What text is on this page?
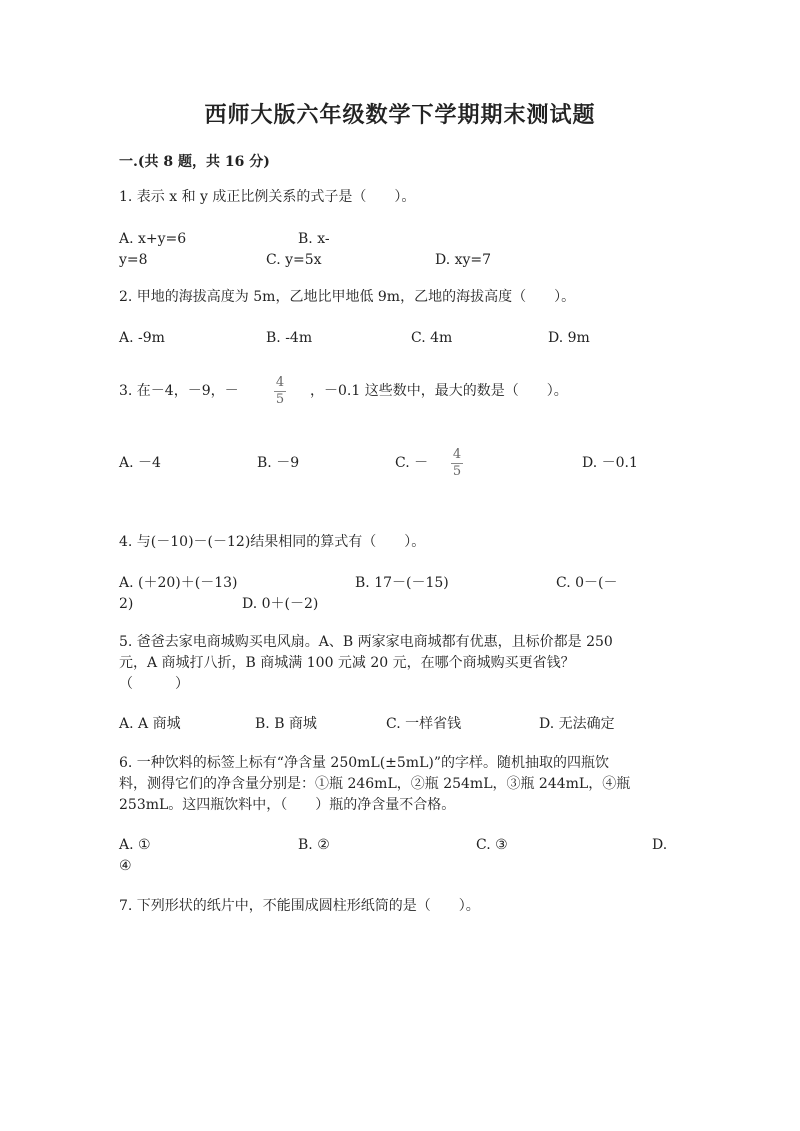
西师大版六年级数学下学期期末测试题
一.(共 8 题，共 16 分)
1. 表示 x 和 y 成正比例关系的式子是（　　）。
A. x+y=6	B. x-
y=8	C. y=5x	D. xy=7
2. 甲地的海拔高度为 5m，乙地比甲地低 9m，乙地的海拔高度（　　）。
A. -9m	B. -4m	C. 4m	D. 9m
3. 在－4，－9，－
4
5
，－0.1 这些数中，最大的数是（　　）。
A. －4	B. －9	C. －
4
5
D. －0.1
4. 与(－10)－(－12)结果相同的算式有（　　）。
A. (＋20)＋(－13)	B. 17－(－15)	C. 0－(－
2)	D. 0＋(－2)
5. 爸爸去家电商城购买电风扇。A、B 两家家电商城都有优惠，且标价都是 250
元，A 商城打八折，B 商城满 100 元减 20 元，在哪个商城购买更省钱？
（　　　）
A. A 商城	B. B 商城	C. 一样省钱	D. 无法确定
6. 一种饮料的标签上标有“净含量 250mL(±5mL)”的字样。随机抽取的四瓶饮
料，测得它们的净含量分别是：①瓶 246mL，②瓶 254mL，③瓶 244mL，④瓶
253mL。这四瓶饮料中，（　　）瓶的净含量不合格。
A. ①	B. ②	C. ③	D.
④
7. 下列形状的纸片中，不能围成圆柱形纸筒的是（　　）。
